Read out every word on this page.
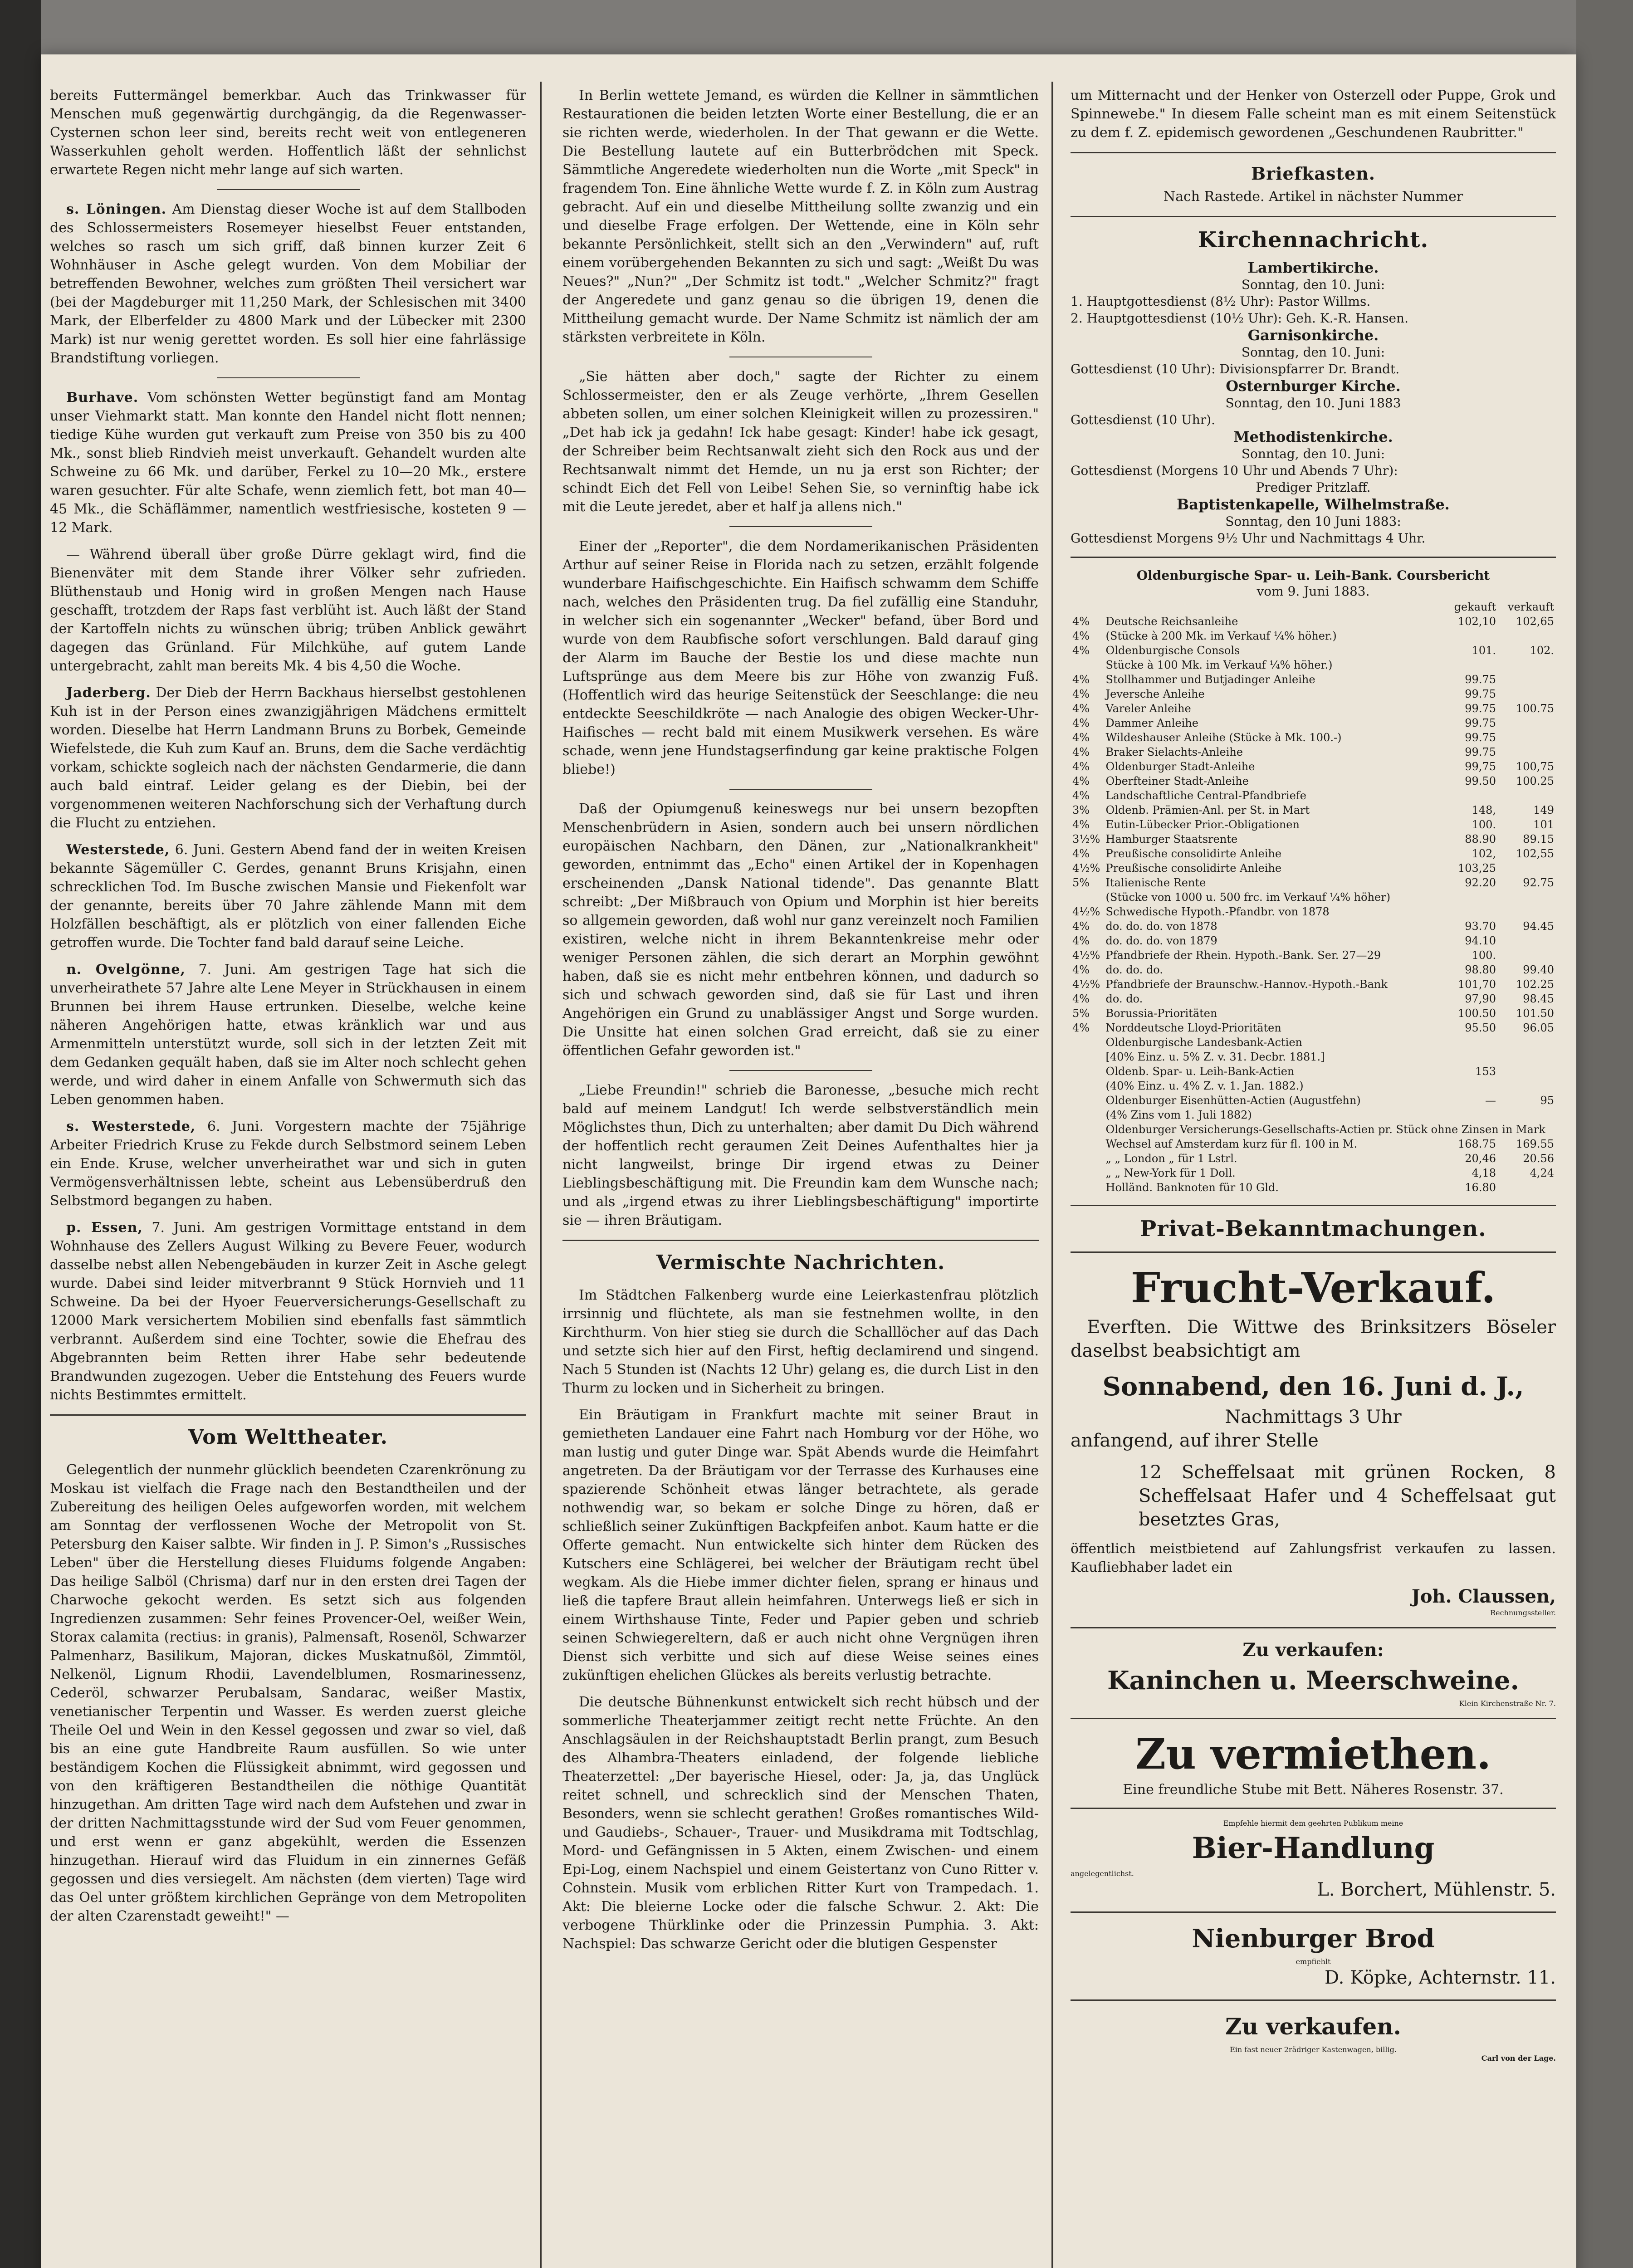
bereits Futtermängel bemerkbar. Auch das Trinkwasser für Menschen muß gegenwärtig durchgängig, da die Regenwasser-Cysternen schon leer sind, bereits recht weit von entlegeneren Wasserkuhlen geholt werden. Hoffentlich läßt der sehnlichst erwartete Regen nicht mehr lange auf sich warten.

s. Löningen. Am Dienstag dieser Woche ist auf dem Stallboden des Schlossermeisters Rosemeyer hieselbst Feuer entstanden, welches so rasch um sich griff, daß binnen kurzer Zeit 6 Wohnhäuser in Asche gelegt wurden. Von dem Mobiliar der betreffenden Bewohner, welches zum größten Theil versichert war (bei der Magdeburger mit 11,250 Mark, der Schlesischen mit 3400 Mark, der Elberfelder zu 4800 Mark und der Lübecker mit 2300 Mark) ist nur wenig gerettet worden. Es soll hier eine fahrlässige Brandstiftung vorliegen.

Burhave. Vom schönsten Wetter begünstigt fand am Montag unser Viehmarkt statt. Man konnte den Handel nicht flott nennen; tiedige Kühe wurden gut verkauft zum Preise von 350 bis zu 400 Mk., sonst blieb Rindvieh meist unverkauft. Gehandelt wurden alte Schweine zu 66 Mk. und darüber, Ferkel zu 10—20 Mk., erstere waren gesuchter. Für alte Schafe, wenn ziemlich fett, bot man 40—45 Mk., die Schäflämmer, namentlich westfriesische, kosteten 9 — 12 Mark.

— Während überall über große Dürre geklagt wird, find die Bienenväter mit dem Stande ihrer Völker sehr zufrieden. Blüthenstaub und Honig wird in großen Mengen nach Hause geschafft, trotzdem der Raps fast verblüht ist. Auch läßt der Stand der Kartoffeln nichts zu wünschen übrig; trüben Anblick gewährt dagegen das Grünland. Für Milchkühe, auf gutem Lande untergebracht, zahlt man bereits Mk. 4 bis 4,50 die Woche.

Jaderberg. Der Dieb der Herrn Backhaus hierselbst gestohlenen Kuh ist in der Person eines zwanzigjährigen Mädchens ermittelt worden. Dieselbe hat Herrn Landmann Bruns zu Borbek, Gemeinde Wiefelstede, die Kuh zum Kauf an. Bruns, dem die Sache verdächtig vorkam, schickte sogleich nach der nächsten Gendarmerie, die dann auch bald eintraf. Leider gelang es der Diebin, bei der vorgenommenen weiteren Nachforschung sich der Verhaftung durch die Flucht zu entziehen.

Westerstede, 6. Juni. Gestern Abend fand der in weiten Kreisen bekannte Sägemüller C. Gerdes, genannt Bruns Krisjahn, einen schrecklichen Tod. Im Busche zwischen Mansie und Fiekenfolt war der genannte, bereits über 70 Jahre zählende Mann mit dem Holzfällen beschäftigt, als er plötzlich von einer fallenden Eiche getroffen wurde. Die Tochter fand bald darauf seine Leiche.

n. Ovelgönne, 7. Juni. Am gestrigen Tage hat sich die unverheirathete 57 Jahre alte Lene Meyer in Strückhausen in einem Brunnen bei ihrem Hause ertrunken. Dieselbe, welche keine näheren Angehörigen hatte, etwas kränklich war und aus Armenmitteln unterstützt wurde, soll sich in der letzten Zeit mit dem Gedanken gequält haben, daß sie im Alter noch schlecht gehen werde, und wird daher in einem Anfalle von Schwermuth sich das Leben genommen haben.

s. Westerstede, 6. Juni. Vorgestern machte der 75jährige Arbeiter Friedrich Kruse zu Fekde durch Selbstmord seinem Leben ein Ende. Kruse, welcher unverheirathet war und sich in guten Vermögensverhältnissen lebte, scheint aus Lebensüberdruß den Selbstmord begangen zu haben.

p. Essen, 7. Juni. Am gestrigen Vormittage entstand in dem Wohnhause des Zellers August Wilking zu Bevere Feuer, wodurch dasselbe nebst allen Nebengebäuden in kurzer Zeit in Asche gelegt wurde. Dabei sind leider mitverbrannt 9 Stück Hornvieh und 11 Schweine. Da bei der Hyoer Feuerversicherungs-Gesellschaft zu 12000 Mark versichertem Mobilien sind ebenfalls fast sämmtlich verbrannt. Außerdem sind eine Tochter, sowie die Ehefrau des Abgebrannten beim Retten ihrer Habe sehr bedeutende Brandwunden zugezogen. Ueber die Entstehung des Feuers wurde nichts Bestimmtes ermittelt.

Vom Welttheater.

Gelegentlich der nunmehr glücklich beendeten Czarenkrönung zu Moskau ist vielfach die Frage nach den Bestandtheilen und der Zubereitung des heiligen Oeles aufgeworfen worden, mit welchem am Sonntag der verflossenen Woche der Metropolit von St. Petersburg den Kaiser salbte. Wir finden in J. P. Simon's „Russisches Leben" über die Herstellung dieses Fluidums folgende Angaben: Das heilige Salböl (Chrisma) darf nur in den ersten drei Tagen der Charwoche gekocht werden. Es setzt sich aus folgenden Ingredienzen zusammen: Sehr feines Provencer-Oel, weißer Wein, Storax calamita (rectius: in granis), Palmensaft, Rosenöl, Schwarzer Palmenharz, Basilikum, Majoran, dickes Muskatnußöl, Zimmtöl, Nelkenöl, Lignum Rhodii, Lavendelblumen, Rosmarinessenz, Cederöl, schwarzer Perubalsam, Sandarac, weißer Mastix, venetianischer Terpentin und Wasser. Es werden zuerst gleiche Theile Oel und Wein in den Kessel gegossen und zwar so viel, daß bis an eine gute Handbreite Raum ausfüllen. So wie unter beständigem Kochen die Flüssigkeit abnimmt, wird gegossen und von den kräftigeren Bestandtheilen die nöthige Quantität hinzugethan. Am dritten Tage wird nach dem Aufstehen und zwar in der dritten Nachmittagsstunde wird der Sud vom Feuer genommen, und erst wenn er ganz abgekühlt, werden die Essenzen hinzugethan. Hierauf wird das Fluidum in ein zinnernes Gefäß gegossen und dies versiegelt. Am nächsten (dem vierten) Tage wird das Oel unter größtem kirchlichen Gepränge von dem Metropoliten der alten Czarenstadt geweiht!" —

In Berlin wettete Jemand, es würden die Kellner in sämmtlichen Restaurationen die beiden letzten Worte einer Bestellung, die er an sie richten werde, wiederholen. In der That gewann er die Wette. Die Bestellung lautete auf ein Butterbrödchen mit Speck. Sämmtliche Angeredete wiederholten nun die Worte „mit Speck" in fragendem Ton. Eine ähnliche Wette wurde f. Z. in Köln zum Austrag gebracht. Auf ein und dieselbe Mittheilung sollte zwanzig und ein und dieselbe Frage erfolgen. Der Wettende, eine in Köln sehr bekannte Persönlichkeit, stellt sich an den „Verwindern" auf, ruft einem vorübergehenden Bekannten zu sich und sagt: „Weißt Du was Neues?" „Nun?" „Der Schmitz ist todt." „Welcher Schmitz?" fragt der Angeredete und ganz genau so die übrigen 19, denen die Mittheilung gemacht wurde. Der Name Schmitz ist nämlich der am stärksten verbreitete in Köln.

„Sie hätten aber doch," sagte der Richter zu einem Schlossermeister, den er als Zeuge verhörte, „Ihrem Gesellen abbeten sollen, um einer solchen Kleinigkeit willen zu prozessiren." „Det hab ick ja gedahn! Ick habe gesagt: Kinder! habe ick gesagt, der Schreiber beim Rechtsanwalt zieht sich den Rock aus und der Rechtsanwalt nimmt det Hemde, un nu ja erst son Richter; der schindt Eich det Fell von Leibe! Sehen Sie, so verninftig habe ick mit die Leute jeredet, aber et half ja allens nich."

Einer der „Reporter", die dem Nordamerikanischen Präsidenten Arthur auf seiner Reise in Florida nach zu setzen, erzählt folgende wunderbare Haifischgeschichte. Ein Haifisch schwamm dem Schiffe nach, welches den Präsidenten trug. Da fiel zufällig eine Standuhr, in welcher sich ein sogenannter „Wecker" befand, über Bord und wurde von dem Raubfische sofort verschlungen. Bald darauf ging der Alarm im Bauche der Bestie los und diese machte nun Luftsprünge aus dem Meere bis zur Höhe von zwanzig Fuß. (Hoffentlich wird das heurige Seitenstück der Seeschlange: die neu entdeckte Seeschildkröte — nach Analogie des obigen Wecker-Uhr-Haifisches — recht bald mit einem Musikwerk versehen. Es wäre schade, wenn jene Hundstagserfindung gar keine praktische Folgen bliebe!)

Daß der Opiumgenuß keineswegs nur bei unsern bezopften Menschenbrüdern in Asien, sondern auch bei unsern nördlichen europäischen Nachbarn, den Dänen, zur „Nationalkrankheit" geworden, entnimmt das „Echo" einen Artikel der in Kopenhagen erscheinenden „Dansk National tidende". Das genannte Blatt schreibt: „Der Mißbrauch von Opium und Morphin ist hier bereits so allgemein geworden, daß wohl nur ganz vereinzelt noch Familien existiren, welche nicht in ihrem Bekanntenkreise mehr oder weniger Personen zählen, die sich derart an Morphin gewöhnt haben, daß sie es nicht mehr entbehren können, und dadurch so sich und schwach geworden sind, daß sie für Last und ihren Angehörigen ein Grund zu unablässiger Angst und Sorge wurden. Die Unsitte hat einen solchen Grad erreicht, daß sie zu einer öffentlichen Gefahr geworden ist."

„Liebe Freundin!" schrieb die Baronesse, „besuche mich recht bald auf meinem Landgut! Ich werde selbstverständlich mein Möglichstes thun, Dich zu unterhalten; aber damit Du Dich während der hoffentlich recht geraumen Zeit Deines Aufenthaltes hier ja nicht langweilst, bringe Dir irgend etwas zu Deiner Lieblingsbeschäftigung mit. Die Freundin kam dem Wunsche nach; und als „irgend etwas zu ihrer Lieblingsbeschäftigung" importirte sie — ihren Bräutigam.

Vermischte Nachrichten.

Im Städtchen Falkenberg wurde eine Leierkastenfrau plötzlich irrsinnig und flüchtete, als man sie festnehmen wollte, in den Kirchthurm. Von hier stieg sie durch die Schalllöcher auf das Dach und setzte sich hier auf den First, heftig declamirend und singend. Nach 5 Stunden ist (Nachts 12 Uhr) gelang es, die durch List in den Thurm zu locken und in Sicherheit zu bringen.

Ein Bräutigam in Frankfurt machte mit seiner Braut in gemietheten Landauer eine Fahrt nach Homburg vor der Höhe, wo man lustig und guter Dinge war. Spät Abends wurde die Heimfahrt angetreten. Da der Bräutigam vor der Terrasse des Kurhauses eine spazierende Schönheit etwas länger betrachtete, als gerade nothwendig war, so bekam er solche Dinge zu hören, daß er schließlich seiner Zukünftigen Backpfeifen anbot. Kaum hatte er die Offerte gemacht. Nun entwickelte sich hinter dem Rücken des Kutschers eine Schlägerei, bei welcher der Bräutigam recht übel wegkam. Als die Hiebe immer dichter fielen, sprang er hinaus und ließ die tapfere Braut allein heimfahren. Unterwegs ließ er sich in einem Wirthshause Tinte, Feder und Papier geben und schrieb seinen Schwiegereltern, daß er auch nicht ohne Vergnügen ihren Dienst sich verbitte und sich auf diese Weise seines eines zukünftigen ehelichen Glückes als bereits verlustig betrachte.

Die deutsche Bühnenkunst entwickelt sich recht hübsch und der sommerliche Theaterjammer zeitigt recht nette Früchte. An den Anschlagsäulen in der Reichshauptstadt Berlin prangt, zum Besuch des Alhambra-Theaters einladend, der folgende liebliche Theaterzettel: „Der bayerische Hiesel, oder: Ja, ja, das Unglück reitet schnell, und schrecklich sind der Menschen Thaten, Besonders, wenn sie schlecht gerathen! Großes romantisches Wild- und Gaudiebs-, Schauer-, Trauer- und Musikdrama mit Todtschlag, Mord- und Gefängnissen in 5 Akten, einem Zwischen- und einem Epi-Log, einem Nachspiel und einem Geistertanz von Cuno Ritter v. Cohnstein. Musik vom erblichen Ritter Kurt von Trampedach. 1. Akt: Die bleierne Locke oder die falsche Schwur. 2. Akt: Die verbogene Thürklinke oder die Prinzessin Pumphia. 3. Akt: Nachspiel: Das schwarze Gericht oder die blutigen Gespenster

um Mitternacht und der Henker von Osterzell oder Puppe, Grok und Spinnewebe." In diesem Falle scheint man es mit einem Seitenstück zu dem f. Z. epidemisch gewordenen „Geschundenen Raubritter."

Briefkasten.

Nach Rastede. Artikel in nächster Nummer

Kirchennachricht.
Lambertikirche.
Sonntag, den 10. Juni:
1. Hauptgottesdienst (8½ Uhr): Pastor Willms.
2. Hauptgottesdienst (10½ Uhr): Geh. K.-R. Hansen.
Garnisonkirche.
Sonntag, den 10. Juni:
Gottesdienst (10 Uhr): Divisionspfarrer Dr. Brandt.
Osternburger Kirche.
Sonntag, den 10. Juni 1883
Gottesdienst (10 Uhr).
Methodistenkirche.
Sonntag, den 10. Juni:
Gottesdienst (Morgens 10 Uhr und Abends 7 Uhr):
Prediger Pritzlaff.
Baptistenkapelle, Wilhelmstraße.
Sonntag, den 10 Juni 1883:
Gottesdienst Morgens 9½ Uhr und Nachmittags 4 Uhr.
Oldenburgische Spar- u. Leih-Bank. Coursbericht
vom 9. Juni 1883.
		gekauft	verkauft
4%	Deutsche Reichsanleihe	102,10	102,65
4%	(Stücke à 200 Mk. im Verkauf ¼% höher.)		
4%	Oldenburgische Consols	101.	102.
	Stücke à 100 Mk. im Verkauf ¼% höher.)		
4%	Stollhammer und Butjadinger Anleihe	99.75	
4%	Jeversche Anleihe	99.75	
4%	Vareler Anleihe	99.75	100.75
4%	Dammer Anleihe	99.75	
4%	Wildeshauser Anleihe (Stücke à Mk. 100.-)	99.75	
4%	Braker Sielachts-Anleihe	99.75	
4%	Oldenburger Stadt-Anleihe	99,75	100,75
4%	Oberfteiner Stadt-Anleihe	99.50	100.25
4%	Landschaftliche Central-Pfandbriefe		
3%	Oldenb. Prämien-Anl. per St. in Mart	148,	149
4%	Eutin-Lübecker Prior.-Obligationen	100.	101
3½%	Hamburger Staatsrente	88.90	89.15
4%	Preußische consolidirte Anleihe	102,	102,55
4½%	Preußische consolidirte Anleihe	103,25	
5%	Italienische Rente	92.20	92.75
	(Stücke von 1000 u. 500 frc. im Verkauf ¼% höher)		
4½%	Schwedische Hypoth.-Pfandbr. von 1878		
4%	do. do. do. von 1878	93.70	94.45
4%	do. do. do. von 1879	94.10	
4½%	Pfandbriefe der Rhein. Hypoth.-Bank. Ser. 27—29	100.	
4%	do. do. do.	98.80	99.40
4½%	Pfandbriefe der Braunschw.-Hannov.-Hypoth.-Bank	101,70	102.25
4%	do. do.	97,90	98.45
5%	Borussia-Prioritäten	100.50	101.50
4%	Norddeutsche Lloyd-Prioritäten	95.50	96.05
	Oldenburgische Landesbank-Actien		
	[40% Einz. u. 5% Z. v. 31. Decbr. 1881.]		
	Oldenb. Spar- u. Leih-Bank-Actien	153	
	(40% Einz. u. 4% Z. v. 1. Jan. 1882.)		
	Oldenburger Eisenhütten-Actien (Augustfehn)	—	95
	(4% Zins vom 1. Juli 1882)		
	Oldenburger Versicherungs-Gesellschafts-Actien pr. Stück ohne Zinsen in Mark		
	Wechsel auf Amsterdam kurz für fl. 100 in M.	168.75	169.55
	„ „ London „ für 1 Lstrl.	20,46	20.56
	„ „ New-York für 1 Doll.	4,18	4,24
	Holländ. Banknoten für 10 Gld.	16.80	
Privat-Bekanntmachungen.
Frucht-Verkauf.

Everften. Die Wittwe des Brinksitzers Böseler daselbst beabsichtigt am

Sonnabend, den 16. Juni d. J.,
Nachmittags 3 Uhr

anfangend, auf ihrer Stelle

12 Scheffelsaat mit grünen Rocken, 8 Scheffelsaat Hafer und 4 Scheffelsaat gut besetztes Gras,

öffentlich meistbietend auf Zahlungsfrist verkaufen zu lassen. Kaufliebhaber ladet ein

Joh. Claussen,
Rechnungssteller.
Zu verkaufen:
Kaninchen u. Meerschweine.
Klein Kirchenstraße Nr. 7.
Zu vermiethen.
Eine freundliche Stube mit Bett. Näheres Rosenstr. 37.
Empfehle hiermit dem geehrten Publikum meine
Bier-Handlung
angelegentlichst.
L. Borchert, Mühlenstr. 5.
Nienburger Brod
empfiehlt
D. Köpke, Achternstr. 11.
Zu verkaufen.
Ein fast neuer 2rädriger Kastenwagen, billig.
Carl von der Lage.
